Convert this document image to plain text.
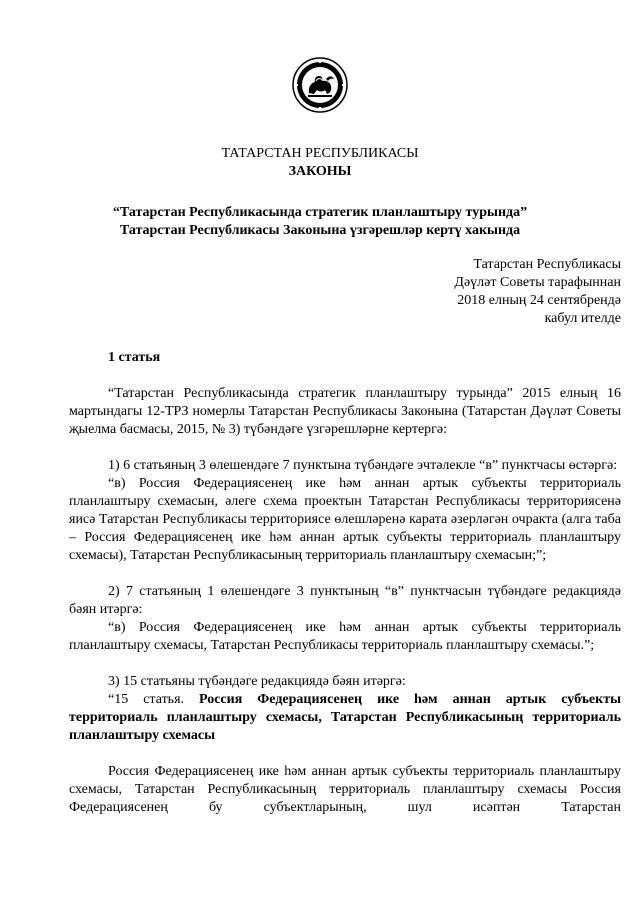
ТАТАРСТАН РЕСПУБЛИКАСЫ
ЗАКОНЫ
“Татарстан Республикасында стратегик планлаштыру турында”
Татарстан Республикасы Законына үзгәрешләр кертү хакында
Татарстан Республикасы
Дәүләт Советы тарафыннан
2018 елның 24 сентябрендә
кабул ителде
1 статья

“Татарстан Республикасында стратегик планлаштыру турында” 2015 елның 16 мартындагы 12-ТРЗ номерлы Татарстан Республикасы Законына (Татарстан Дәүләт Советы җыелма басмасы, 2015, № 3) түбәндәге үзгәрешләрне кертергә:

1) 6 статьяның 3 өлешендәге 7 пунктына түбәндәге эчтәлекле “в” пунктчасы өстәргә:

“в) Россия Федерациясенең ике һәм аннан артык субъекты территориаль планлаштыру схемасын, әлеге схема проектын Татарстан Республикасы территориясенә яисә Татарстан Республикасы территориясе өлешләренә карата әзерләгән очракта (алга таба – Россия Федерациясенең ике һәм аннан артык субъекты территориаль планлаштыру схемасы), Татарстан Республикасының территориаль планлаштыру схемасын;”;

2) 7 статьяның 1 өлешендәге 3 пунктының “в” пунктчасын түбәндәге редакциядә бәян итәргә:

“в) Россия Федерациясенең ике һәм аннан артык субъекты территориаль планлаштыру схемасы, Татарстан Республикасы территориаль планлаштыру схемасы.”;

3) 15 статьяны түбәндәге редакциядә бәян итәргә:

“15 статья. Россия Федерациясенең ике һәм аннан артык субъекты территориаль планлаштыру схемасы, Татарстан Республикасының территориаль планлаштыру схемасы

Россия Федерациясенең ике һәм аннан артык субъекты территориаль планлаштыру схемасы, Татарстан Республикасының территориаль планлаштыру схемасы Россия Федерациясенең бу субъектларының, шул исәптән Татарстан
